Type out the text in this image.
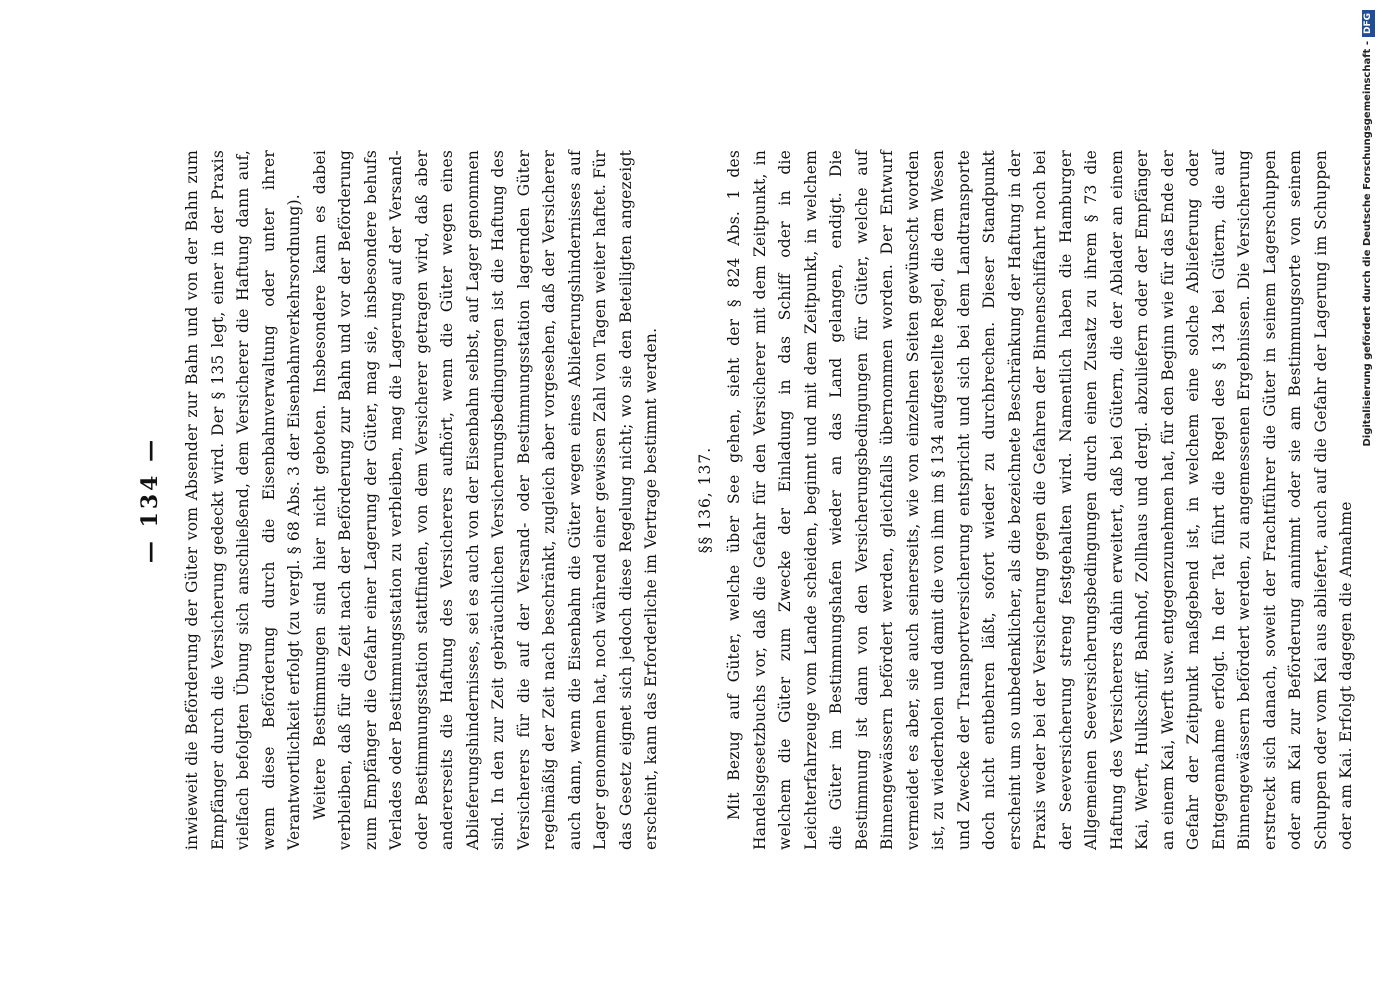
— 134 —	inwieweit die Beförderung der Güter vom Absender zur Bahn und von der Bahn zum Empfänger durch die Versicherung gedeckt wird. Der § 135 legt, einer in der Praxis vielfach befolgten Übung sich anschließend, dem Versicherer die Haftung dann auf, wenn diese Beförderung durch die Eisenbahnverwaltung oder unter ihrer Verantwortlichkeit erfolgt (zu vergl. § 68 Abs. 3 der Eisenbahnverkehrsordnung). Weitere Bestimmungen sind hier nicht geboten. Insbesondere kann es dabei verbleiben, daß für die Zeit nach der Beförderung zur Bahn und vor der Beförderung zum Empfänger die Gefahr einer Lagerung der Güter, mag sie, insbesondere behufs Verlades oder Bestimmungsstation zu verbleiben, mag die Lagerung auf der Versand- oder Bestimmungsstation stattfinden, von dem Versicherer getragen wird, daß aber andererseits die Haftung des Versicherers aufhört, wenn die Güter wegen eines Ablieferungshindernisses, sei es auch von der Eisenbahn selbst, auf Lager genommen sind. In den zur Zeit gebräuchlichen Versicherungsbedingungen ist die Haftung des Versicherers für die auf der Versand- oder Bestimmungsstation lagernden Güter regelmäßig der Zeit nach beschränkt, zugleich aber vorgesehen, daß der Versicherer auch dann, wenn die Eisenbahn die Güter wegen eines Ablieferungshindernisses auf Lager genommen hat, noch während einer gewissen Zahl von Tagen weiter haftet. Für das Gesetz eignet sich jedoch diese Regelung nicht; wo sie den Beteiligten angezeigt erscheint, kann das Erforderliche im Vertrage bestimmt werden. §§ 136, 137. Mit Bezug auf Güter, welche über See gehen, sieht der § 824 Abs. 1 des Handelsgesetzbuchs vor, daß die Gefahr für den Versicherer mit dem Zeitpunkt, in welchem die Güter zum Zwecke der Einladung in das Schiff oder in die Leichterfahrzeuge vom Lande scheiden, beginnt und mit dem Zeitpunkt, in welchem die Güter im Bestimmungshafen wieder an das Land gelangen, endigt. Die Bestimmung ist dann von den Versicherungsbedingungen für Güter, welche auf Binnengewässern befördert werden, gleichfalls übernommen worden. Der Entwurf vermeidet es aber, sie auch seinerseits, wie von einzelnen Seiten gewünscht worden ist, zu wiederholen und damit die von ihm im § 134 aufgestellte Regel, die dem Wesen und Zwecke der Transportversicherung entspricht und sich bei dem Landtransporte doch nicht entbehren läßt, sofort wieder zu durchbrechen. Dieser Standpunkt erscheint um so unbedenklicher, als die bezeichnete Beschränkung der Haftung in der Praxis weder bei der Versicherung gegen die Gefahren der Binnenschiffahrt noch bei der Seeversicherung streng festgehalten wird. Namentlich haben die Hamburger Allgemeinen Seeversicherungsbedingungen durch einen Zusatz zu ihrem § 73 die Haftung des Versicherers dahin erweitert, daß bei Gütern, die der Ablader an einem Kai, Werft, Hulkschiff, Bahnhof, Zollhaus und dergl. abzuliefern oder der Empfänger an einem Kai, Werft usw. entgegenzunehmen hat, für den Beginn wie für das Ende der Gefahr der Zeitpunkt maßgebend ist, in welchem eine solche Ablieferung oder Entgegennahme erfolgt. In der Tat führt die Regel des § 134 bei Gütern, die auf Binnengewässern befördert werden, zu angemessenen Ergebnissen. Die Versicherung erstreckt sich danach, soweit der Frachtführer die Güter in seinem Lagerschuppen oder am Kai zur Beförderung annimmt oder sie am Bestimmungsorte von seinem Schuppen oder vom Kai aus abliefert, auch auf die Gefahr der Lagerung im Schuppen oder am Kai. Erfolgt dagegen die Annahme

Digitalisierung gefördert durch die Deutsche Forschungsgemeinschaft -DFG
